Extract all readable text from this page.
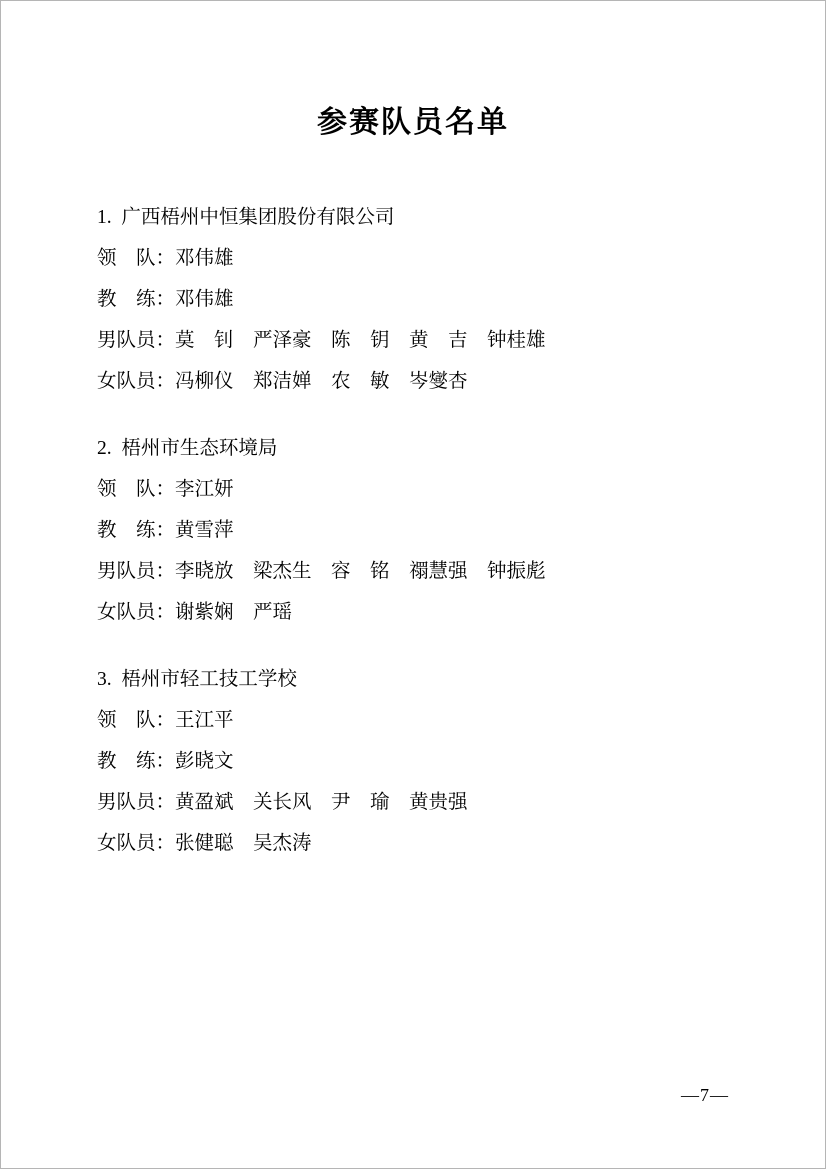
参赛队员名单
1.  广西梧州中恒集团股份有限公司
领　队：邓伟雄
教　练：邓伟雄
男队员：莫　钊　严泽豪　陈　钥　黄　吉　钟桂雄
女队员：冯柳仪　郑洁婵　农　敏　岑燮杏
2.  梧州市生态环境局
领　队：李江妍
教　练：黄雪萍
男队员：李晓放　梁杰生　容　铭　禤慧强　钟振彪
女队员：谢紫娴　严瑶
3.  梧州市轻工技工学校
领　队：王江平
教　练：彭晓文
男队员：黄盈斌　关长风　尹　瑜　黄贵强
女队员：张健聪　吴杰涛
—7—
